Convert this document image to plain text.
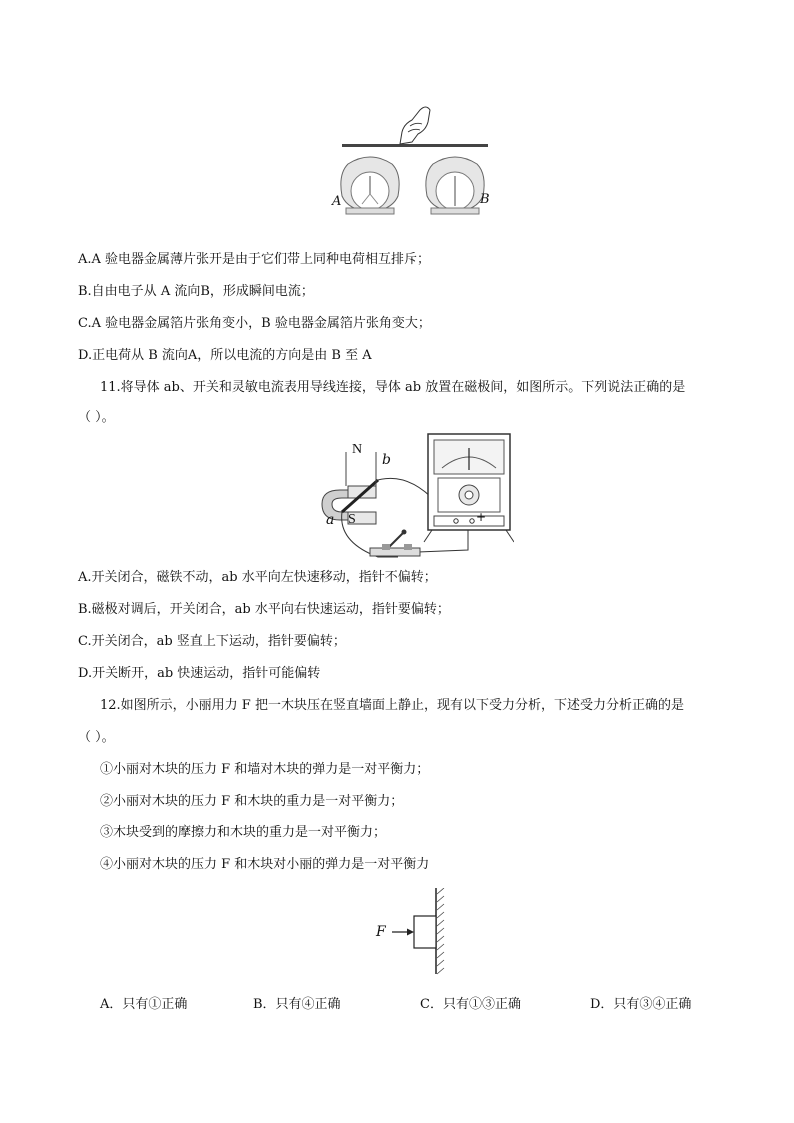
A	B
A.A 验电器金属薄片张开是由于它们带上同种电荷相互排斥；
B.自由电子从 A 流向B，形成瞬间电流；
C.A 验电器金属箔片张角变小，B 验电器金属箔片张角变大；
D.正电荷从 B 流向A，所以电流的方向是由 B 至 A
11.将导体 ab、开关和灵敏电流表用导线连接，导体 ab 放置在磁极间，如图所示。下列说法正确的是
（ ）。
N
S
a
b
+
A.开关闭合，磁铁不动，ab 水平向左快速移动，指针不偏转；
B.磁极对调后，开关闭合，ab 水平向右快速运动，指针要偏转；
C.开关闭合，ab 竖直上下运动，指针要偏转；
D.开关断开，ab 快速运动，指针可能偏转
12.如图所示，小丽用力 F 把一木块压在竖直墙面上静止，现有以下受力分析，下述受力分析正确的是
（ ）。
①小丽对木块的压力 F 和墙对木块的弹力是一对平衡力；
②小丽对木块的压力 F 和木块的重力是一对平衡力；
③木块受到的摩擦力和木块的重力是一对平衡力；
④小丽对木块的压力 F 和木块对小丽的弹力是一对平衡力
F
A．只有①正确	B．只有④正确	C．只有①③正确	D．只有③④正确
